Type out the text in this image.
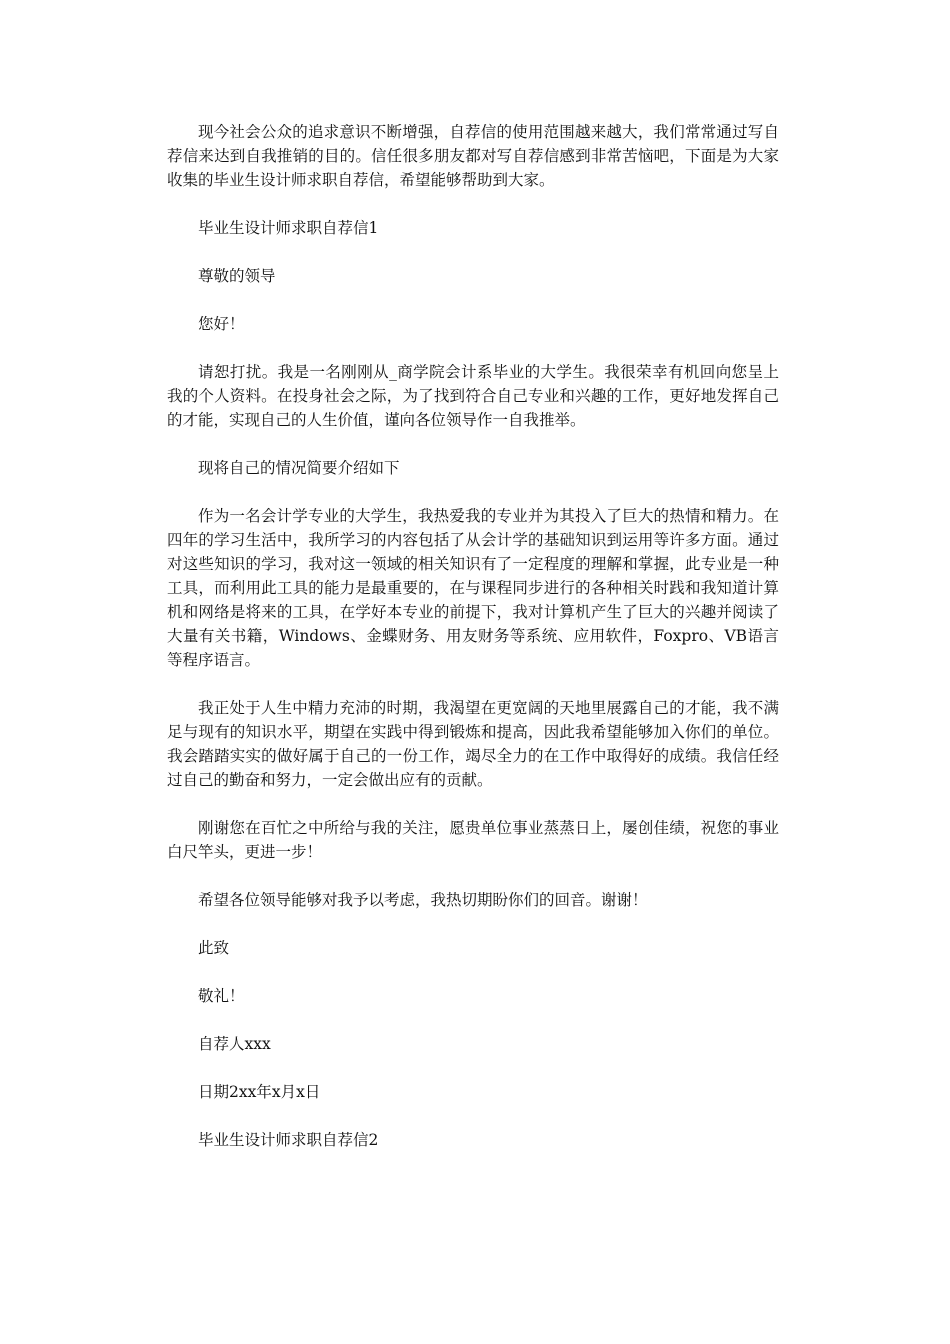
现今社会公众的追求意识不断增强，自荐信的使用范围越来越大，我们常常通过写自荐信来达到自我推销的目的。信任很多朋友都对写自荐信感到非常苦恼吧，下面是为大家收集的毕业生设计师求职自荐信，希望能够帮助到大家。

毕业生设计师求职自荐信1

尊敬的领导

您好！

请恕打扰。我是一名刚刚从_商学院会计系毕业的大学生。我很荣幸有机回向您呈上我的个人资料。在投身社会之际，为了找到符合自己专业和兴趣的工作，更好地发挥自己的才能，实现自己的人生价值，谨向各位领导作一自我推举。

现将自己的情况简要介绍如下

作为一名会计学专业的大学生，我热爱我的专业并为其投入了巨大的热情和精力。在四年的学习生活中，我所学习的内容包括了从会计学的基础知识到运用等许多方面。通过对这些知识的学习，我对这一领域的相关知识有了一定程度的理解和掌握，此专业是一种工具，而利用此工具的能力是最重要的，在与课程同步进行的各种相关时践和我知道计算机和网络是将来的工具，在学好本专业的前提下，我对计算机产生了巨大的兴趣并阅读了大量有关书籍，Windows、金蝶财务、用友财务等系统、应用软件，Foxpro、VB语言等程序语言。

我正处于人生中精力充沛的时期，我渴望在更宽阔的天地里展露自己的才能，我不满足与现有的知识水平，期望在实践中得到锻炼和提高，因此我希望能够加入你们的单位。我会踏踏实实的做好属于自己的一份工作，竭尽全力的在工作中取得好的成绩。我信任经过自己的勤奋和努力，一定会做出应有的贡献。

刚谢您在百忙之中所给与我的关注，愿贵单位事业蒸蒸日上，屡创佳绩，祝您的事业白尺竿头，更进一步！

希望各位领导能够对我予以考虑，我热切期盼你们的回音。谢谢！

此致

敬礼！

自荐人xxx

日期2xx年x月x日

毕业生设计师求职自荐信2
